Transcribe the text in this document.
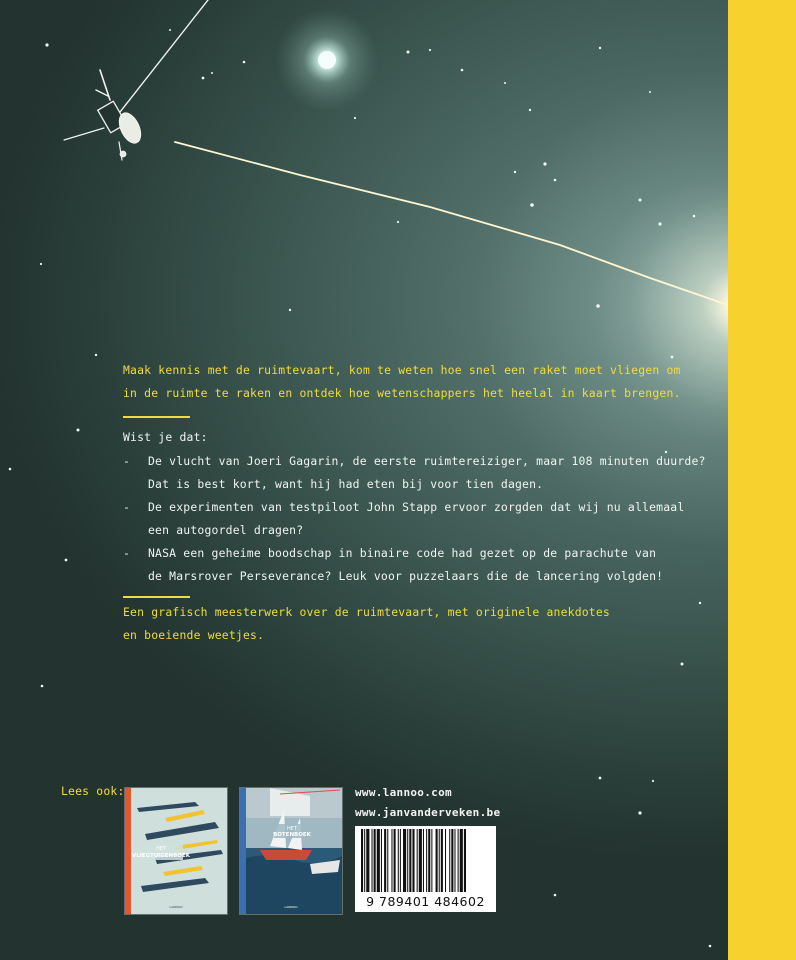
Maak kennis met de ruimtevaart, kom te weten hoe snel een raket moet vliegen om
in de ruimte te raken en ontdek hoe wetenschappers het heelal in kaart brengen.
Wist je dat:
-	De vlucht van Joeri Gagarin, de eerste ruimtereiziger, maar 108 minuten duurde?
Dat is best kort, want hij had eten bij voor tien dagen.
-	De experimenten van testpiloot John Stapp ervoor zorgden dat wij nu allemaal
een autogordel dragen?
-	NASA een geheime boodschap in binaire code had gezet op de parachute van
de Marsrover Perseverance? Leuk voor puzzelaars die de lancering volgden!
Een grafisch meesterwerk over de ruimtevaart, met originele anekdotes
en boeiende weetjes.
Lees ook:
HET
VLIEGTUIGENBOEK
LANNOO
HET
BOTENBOEK
LANNOO
www.lannoo.com
www.janvanderveken.be
9 789401 484602
